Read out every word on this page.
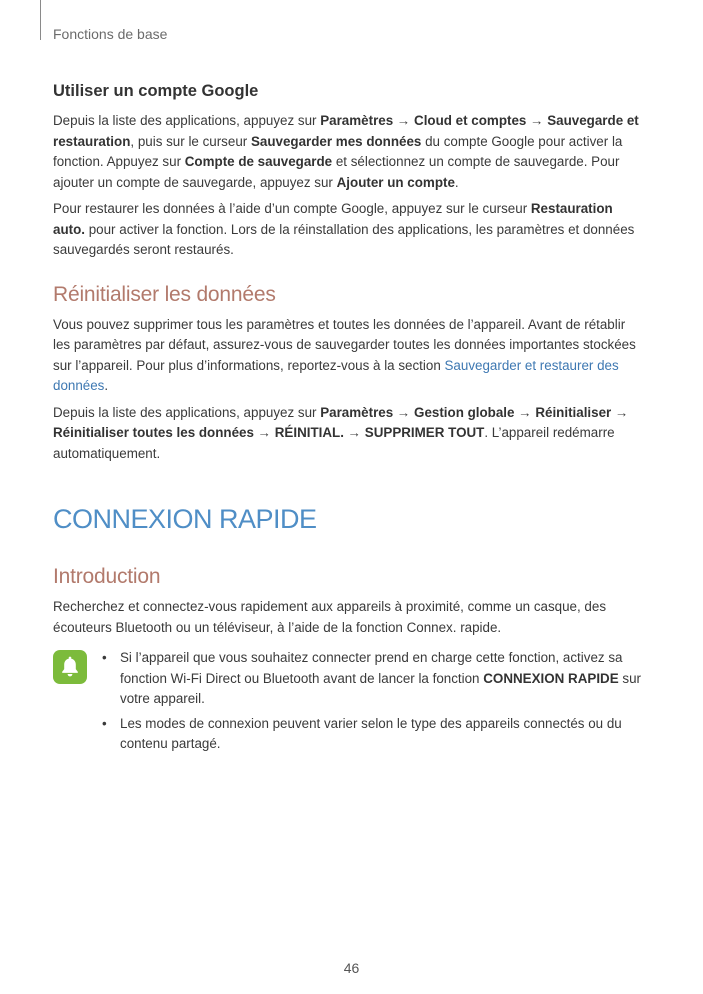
Fonctions de base
Utiliser un compte Google

Depuis la liste des applications, appuyez sur Paramètres → Cloud et comptes → Sauvegarde et restauration, puis sur le curseur Sauvegarder mes données du compte Google pour activer la fonction. Appuyez sur Compte de sauvegarde et sélectionnez un compte de sauvegarde. Pour ajouter un compte de sauvegarde, appuyez sur Ajouter un compte.

Pour restaurer les données à l’aide d’un compte Google, appuyez sur le curseur Restauration auto. pour activer la fonction. Lors de la réinstallation des applications, les paramètres et données sauvegardés seront restaurés.

Réinitialiser les données

Vous pouvez supprimer tous les paramètres et toutes les données de l’appareil. Avant de rétablir les paramètres par défaut, assurez-vous de sauvegarder toutes les données importantes stockées sur l’appareil. Pour plus d’informations, reportez-vous à la section Sauvegarder et restaurer des données.

Depuis la liste des applications, appuyez sur Paramètres → Gestion globale → Réinitialiser → Réinitialiser toutes les données → RÉINITIAL. → SUPPRIMER TOUT. L’appareil redémarre automatiquement.

CONNEXION RAPIDE
Introduction

Recherchez et connectez-vous rapidement aux appareils à proximité, comme un casque, des écouteurs Bluetooth ou un téléviseur, à l’aide de la fonction Connex. rapide.

• Si l’appareil que vous souhaitez connecter prend en charge cette fonction, activez sa fonction Wi-Fi Direct ou Bluetooth avant de lancer la fonction CONNEXION RAPIDE sur votre appareil.
• Les modes de connexion peuvent varier selon le type des appareils connectés ou du contenu partagé.
46
